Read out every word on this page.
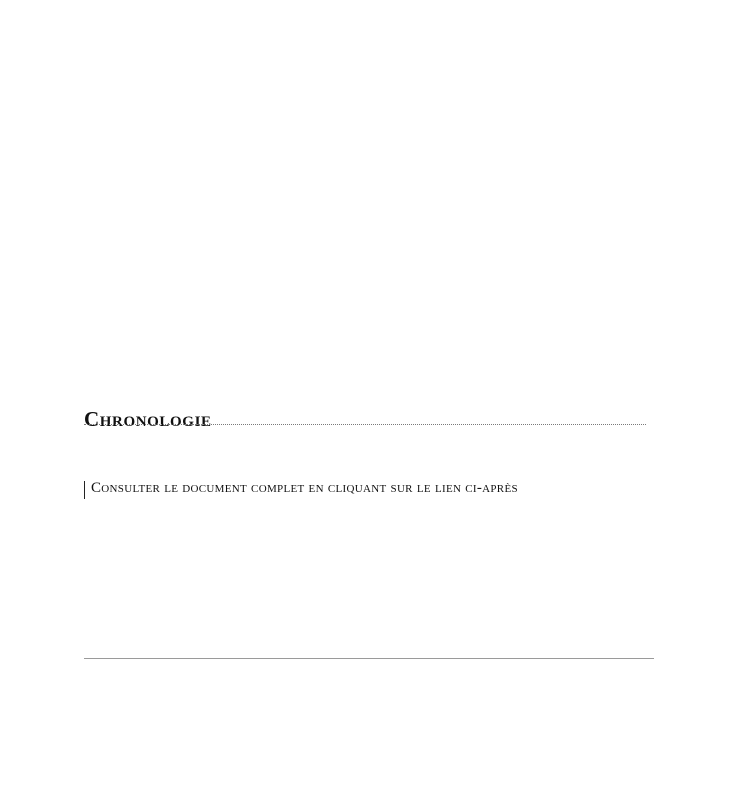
Chronologie
Consulter le document complet en cliquant sur le lien ci-après
